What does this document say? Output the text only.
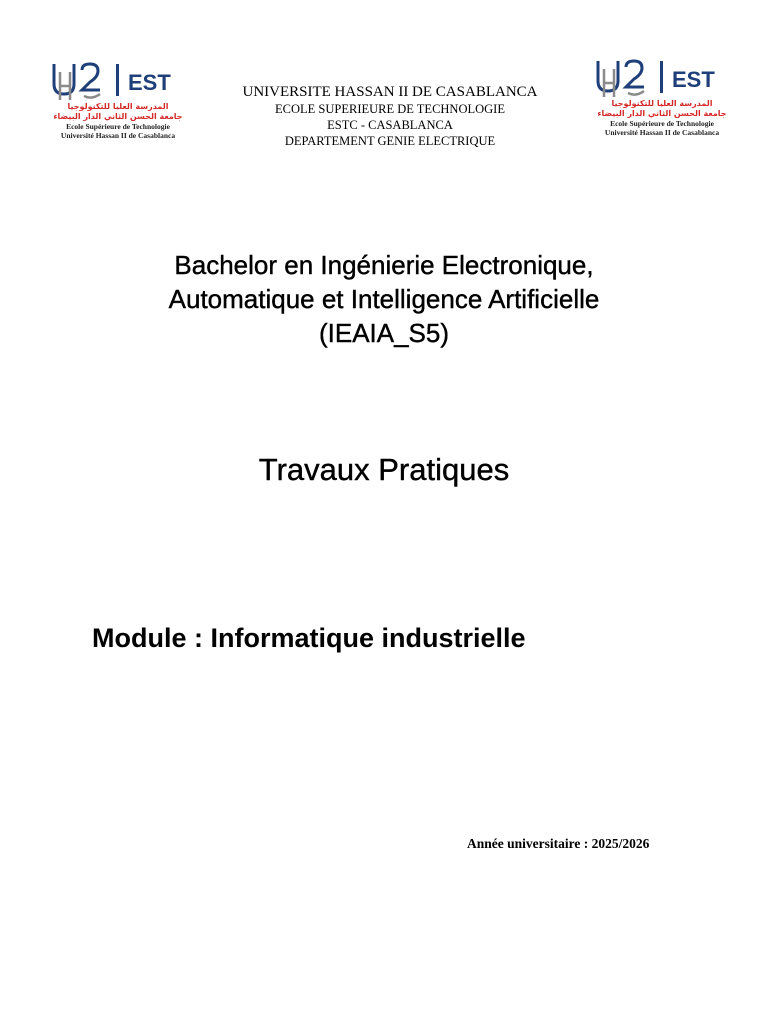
EST
المدرسة العليا للتكنولوجيا
جامعة الحسن الثاني الدار البيضاء
Ecole Supérieure de Technologie
Université Hassan II de Casablanca
UNIVERSITE HASSAN II DE CASABLANCA
ECOLE SUPERIEURE DE TECHNOLOGIE
ESTC - CASABLANCA
DEPARTEMENT GENIE ELECTRIQUE
EST
المدرسة العليا للتكنولوجيا
جامعة الحسن الثاني الدار البيضاء
Ecole Supérieure de Technologie
Université Hassan II de Casablanca
Bachelor en Ingénierie Electronique,
Automatique et Intelligence Artificielle
(IEAIA_S5)
Travaux Pratiques
Module : Informatique industrielle
Année universitaire : 2025/2026
